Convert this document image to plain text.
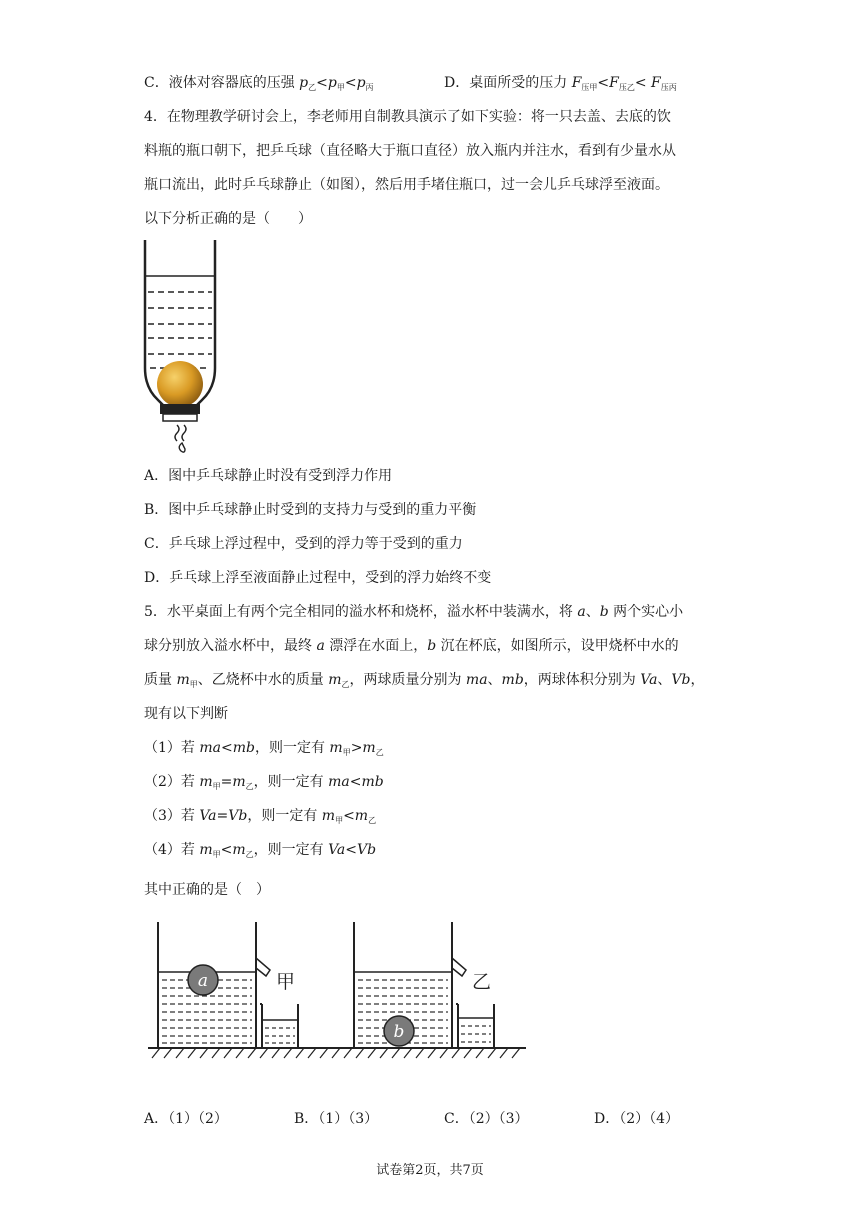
C．液体对容器底的压强 $p_乙<p_甲<p_丙$	D．桌面所受的压力 $F_{压甲}<F_{压乙}< F_{压丙}$
4．在物理教学研讨会上，李老师用自制教具演示了如下实验：将一只去盖、去底的饮
料瓶的瓶口朝下，把乒乓球（直径略大于瓶口直径）放入瓶内并注水，看到有少量水从
瓶口流出，此时乒乓球静止（如图），然后用手堵住瓶口，过一会儿乒乓球浮至液面。
以下分析正确的是（　　）
A．图中乒乓球静止时没有受到浮力作用
B．图中乒乓球静止时受到的支持力与受到的重力平衡
C．乒乓球上浮过程中，受到的浮力等于受到的重力
D．乒乓球上浮至液面静止过程中，受到的浮力始终不变
5．水平桌面上有两个完全相同的溢水杯和烧杯，溢水杯中装满水，将 a、b 两个实心小
球分别放入溢水杯中，最终 a 漂浮在水面上，b 沉在杯底，如图所示，设甲烧杯中水的
质量 $m_甲$、乙烧杯中水的质量 $m_乙$，两球质量分别为 ma、mb，两球体积分别为 Va、Vb，
现有以下判断
（1）若 ma<mb，则一定有 $m_甲>m_乙$
（2）若 $m_甲=m_乙$，则一定有 ma<mb
（3）若 Va=Vb，则一定有 $m_甲<m_乙$
（4）若 $m_甲<m_乙$，则一定有 Va<Vb
其中正确的是（　）
a	甲
b
乙
A．（1）（2）	B．（1）（3）	C．（2）（3）	D．（2）（4）
试卷第2页，共7页
